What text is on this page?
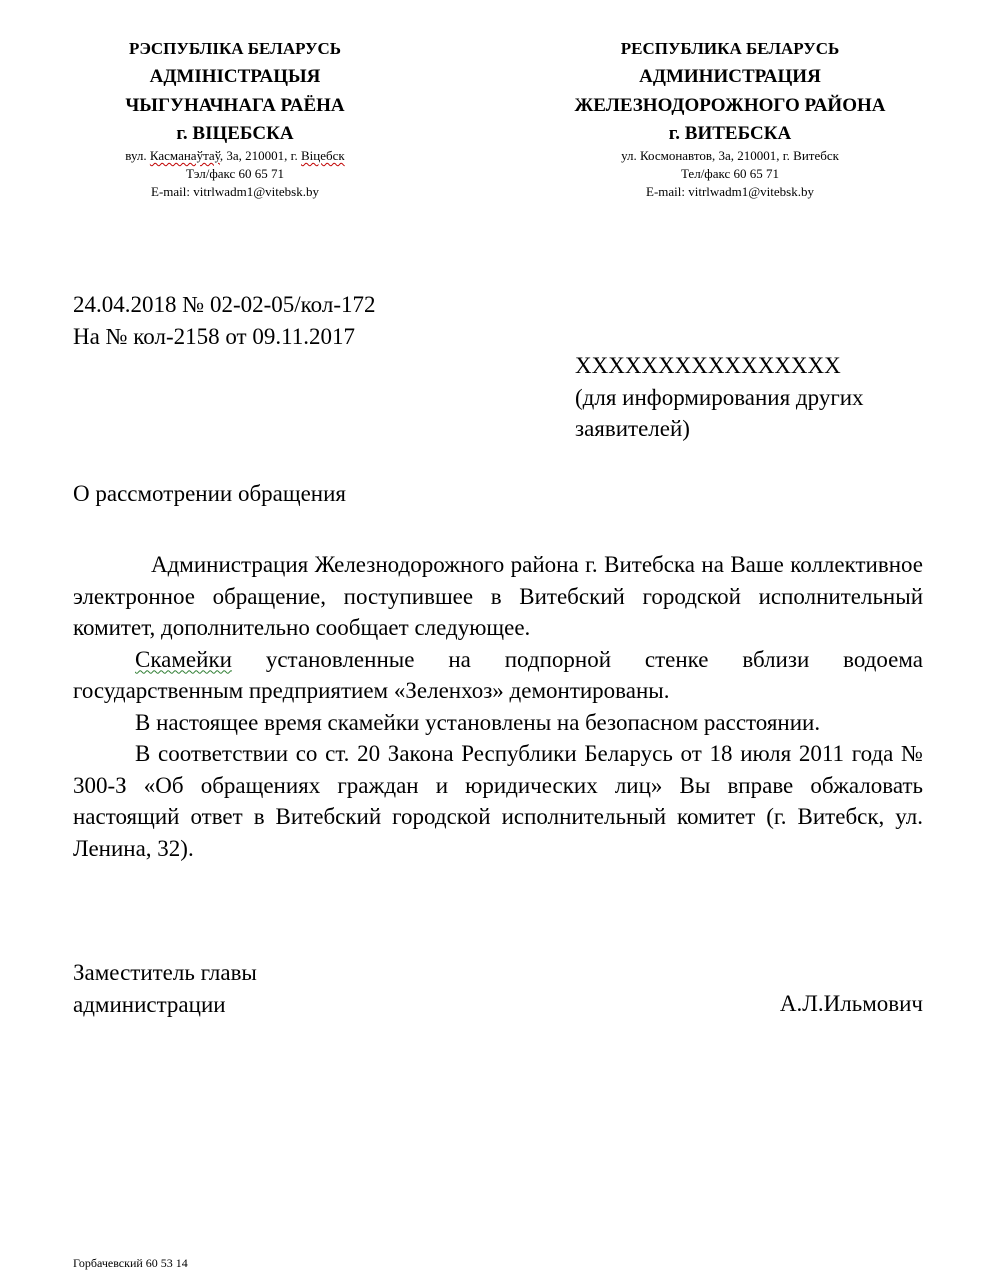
РЭСПУБЛІКА БЕЛАРУСЬ
АДМІНІСТРАЦЫЯ
ЧЫГУНАЧНАГА РАЁНА
г. ВІЦЕБСКА
вул. Касманаўтаў, 3а, 210001, г. Віцебск
Тэл/факс 60 65 71
E-mail: vitrlwadm1@vitebsk.by
РЕСПУБЛИКА БЕЛАРУСЬ
АДМИНИСТРАЦИЯ
ЖЕЛЕЗНОДОРОЖНОГО РАЙОНА
г. ВИТЕБСКА
ул. Космонавтов, 3а, 210001, г. Витебск
Тел/факс 60 65 71
E-mail: vitrlwadm1@vitebsk.by
24.04.2018 № 02-02-05/кол-172
На № кол-2158 от 09.11.2017
XXXXXXXXXXXXXXXX
(для информирования других
заявителей)
О рассмотрении обращения

Администрация Железнодорожного района г. Витебска на Ваше коллективное электронное обращение, поступившее в Витебский городской исполнительный комитет, дополнительно сообщает следующее.

Скамейки установленные на подпорной стенке вблизи водоема государственным предприятием «Зеленхоз» демонтированы.

В настоящее время скамейки установлены на безопасном расстоянии.

В соответствии со ст. 20 Закона Республики Беларусь от 18 июля 2011 года № 300-З «Об обращениях граждан и юридических лиц» Вы вправе обжаловать настоящий ответ в Витебский городской исполнительный комитет (г. Витебск, ул. Ленина, 32).

Заместитель главы
администрации	А.Л.Ильмович
Горбачевский 60 53 14
